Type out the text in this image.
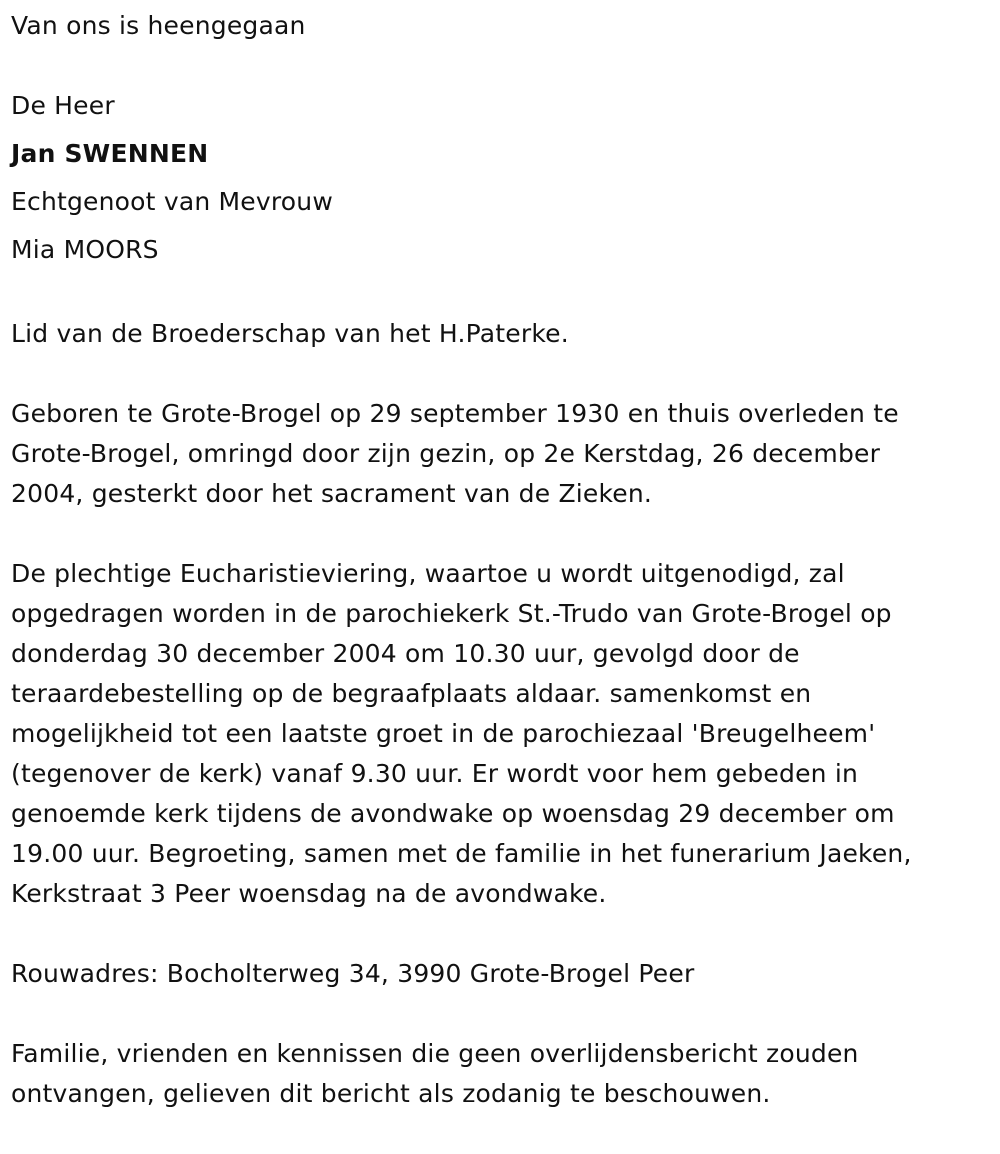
Van ons is heengegaan

De Heer

Jan SWENNEN

Echtgenoot van Mevrouw

Mia MOORS

Lid van de Broederschap van het H.Paterke.

Geboren te Grote-Brogel op 29 september 1930 en thuis overleden te

Grote-Brogel, omringd door zijn gezin, op 2e Kerstdag, 26 december

2004, gesterkt door het sacrament van de Zieken.

De plechtige Eucharistieviering, waartoe u wordt uitgenodigd, zal

opgedragen worden in de parochiekerk St.-Trudo van Grote-Brogel op

donderdag 30 december 2004 om 10.30 uur, gevolgd door de

teraardebestelling op de begraafplaats aldaar. samenkomst en

mogelijkheid tot een laatste groet in de parochiezaal 'Breugelheem'

(tegenover de kerk) vanaf 9.30 uur. Er wordt voor hem gebeden in

genoemde kerk tijdens de avondwake op woensdag 29 december om

19.00 uur. Begroeting, samen met de familie in het funerarium Jaeken,

Kerkstraat 3 Peer woensdag na de avondwake.

Rouwadres: Bocholterweg 34, 3990 Grote-Brogel Peer

Familie, vrienden en kennissen die geen overlijdensbericht zouden

ontvangen, gelieven dit bericht als zodanig te beschouwen.
